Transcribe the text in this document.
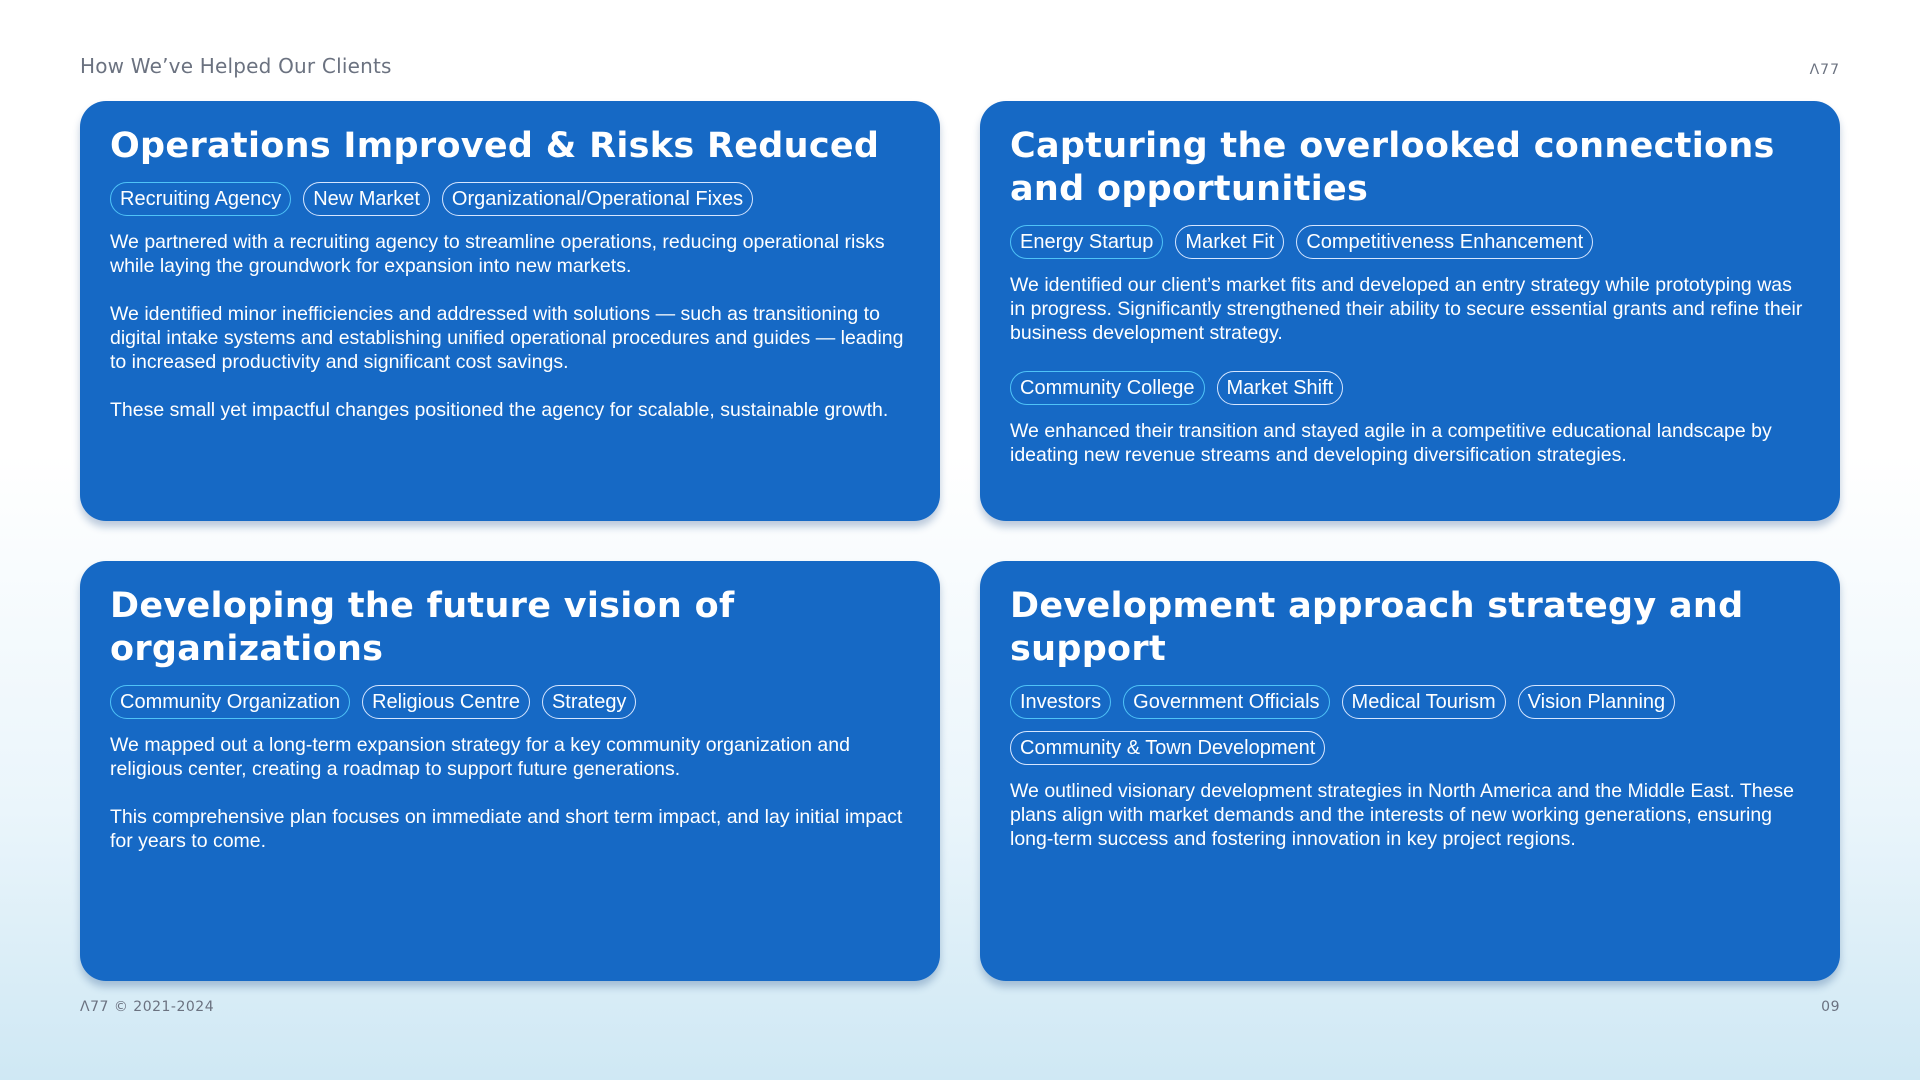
How We’ve Helped Our Clients	Λ77
Operations Improved & Risks Reduced
Recruiting Agency	New Market	Organizational/Operational Fixes

We partnered with a recruiting agency to streamline operations, reducing operational risks while laying the groundwork for expansion into new markets.

We identified minor inefficiencies and addressed with solutions — such as transitioning to digital intake systems and establishing unified operational procedures and guides — leading to increased productivity and significant cost savings.

These small yet impactful changes positioned the agency for scalable, sustainable growth.

Capturing the overlooked connections and opportunities
Energy Startup	Market Fit	Competitiveness Enhancement

We identified our client’s market fits and developed an entry strategy while prototyping was in progress. Significantly strengthened their ability to secure essential grants and refine their business development strategy.

Community College	Market Shift

We enhanced their transition and stayed agile in a competitive educational landscape by ideating new revenue streams and developing diversification strategies.

Developing the future vision of organizations
Community Organization	Religious Centre	Strategy

We mapped out a long-term expansion strategy for a key community organization and religious center, creating a roadmap to support future generations.

This comprehensive plan focuses on immediate and short term impact, and lay initial impact for years to come.

Development approach strategy and support
Investors	Government Officials	Medical Tourism	Vision Planning
Community & Town Development

We outlined visionary development strategies in North America and the Middle East. These plans align with market demands and the interests of new working generations, ensuring long-term success and fostering innovation in key project regions.

Λ77 © 2021-2024	09
